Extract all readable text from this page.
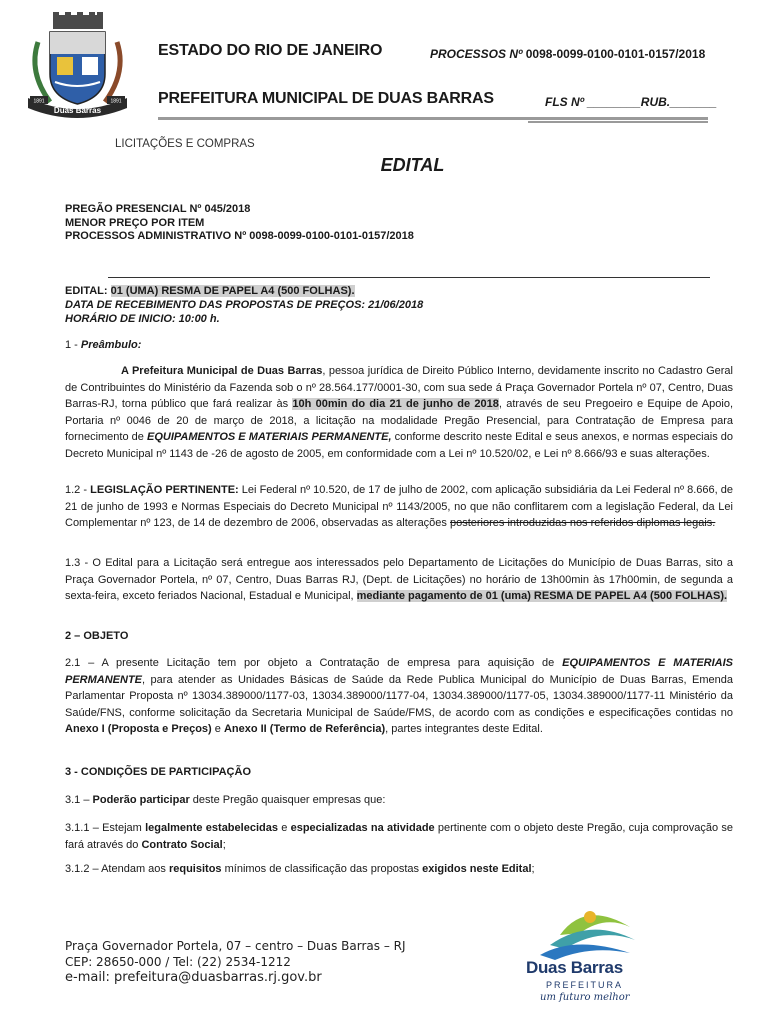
Duas Barras
1891	1891
ESTADO DO RIO DE JANEIRO	PROCESSOS Nº 0098-0099-0100-0101-0157/2018
PREFEITURA MUNICIPAL DE DUAS BARRAS	FLS Nº ________RUB._______
LICITAÇÕES E COMPRAS
EDITAL
PREGÃO PRESENCIAL Nº 045/2018
MENOR PREÇO POR ITEM
PROCESSOS ADMINISTRATIVO Nº 0098-0099-0100-0101-0157/2018
EDITAL: 01 (UMA) RESMA DE PAPEL A4 (500 FOLHAS).
DATA DE RECEBIMENTO DAS PROPOSTAS DE PREÇOS: 21/06/2018
HORÁRIO DE INICIO: 10:00 h.
1 - Preâmbulo:
A Prefeitura Municipal de Duas Barras, pessoa jurídica de Direito Público Interno, devidamente inscrito no Cadastro Geral de Contribuintes do Ministério da Fazenda sob o nº 28.564.177/0001-30, com sua sede á Praça Governador Portela nº 07, Centro, Duas Barras-RJ, torna público que fará realizar às 10h 00min do dia 21 de junho de 2018, através de seu Pregoeiro e Equipe de Apoio, Portaria nº 0046 de 20 de março de 2018, a licitação na modalidade Pregão Presencial, para Contratação de Empresa para fornecimento de EQUIPAMENTOS E MATERIAIS PERMANENTE, conforme descrito neste Edital e seus anexos, e normas especiais do Decreto Municipal nº 1143 de -26 de agosto de 2005, em conformidade com a Lei nº 10.520/02, e Lei nº 8.666/93 e suas alterações.
1.2 - LEGISLAÇÃO PERTINENTE: Lei Federal nº 10.520, de 17 de julho de 2002, com aplicação subsidiária da Lei Federal nº 8.666, de 21 de junho de 1993 e Normas Especiais do Decreto Municipal nº 1143/2005, no que não conflitarem com a legislação Federal, da Lei Complementar nº 123, de 14 de dezembro de 2006, observadas as alterações posteriores introduzidas nos referidos diplomas legais.
1.3 - O Edital para a Licitação será entregue aos interessados pelo Departamento de Licitações do Município de Duas Barras, sito a Praça Governador Portela, nº 07, Centro, Duas Barras RJ, (Dept. de Licitações) no horário de 13h00min às 17h00min, de segunda a sexta-feira, exceto feriados Nacional, Estadual e Municipal, mediante pagamento de 01 (uma) RESMA DE PAPEL A4 (500 FOLHAS).
2 – OBJETO
2.1 – A presente Licitação tem por objeto a Contratação de empresa para aquisição de EQUIPAMENTOS E MATERIAIS PERMANENTE, para atender as Unidades Básicas de Saúde da Rede Publica Municipal do Município de Duas Barras, Emenda Parlamentar Proposta nº 13034.389000/1177-03, 13034.389000/1177-04, 13034.389000/1177-05, 13034.389000/1177-11 Ministério da Saúde/FNS, conforme solicitação da Secretaria Municipal de Saúde/FMS, de acordo com as condições e especificações contidas no Anexo I (Proposta e Preços) e Anexo II (Termo de Referência), partes integrantes deste Edital.
3 - CONDIÇÕES DE PARTICIPAÇÃO
3.1 – Poderão participar deste Pregão quaisquer empresas que:
3.1.1 – Estejam legalmente estabelecidas e especializadas na atividade pertinente com o objeto deste Pregão, cuja comprovação se fará através do Contrato Social;
3.1.2 – Atendam aos requisitos mínimos de classificação das propostas exigidos neste Edital;
Praça Governador Portela, 07 – centro – Duas Barras – RJ
CEP: 28650-000 / Tel: (22) 2534-1212
e-mail: prefeitura@duasbarras.rj.gov.br
Duas Barras
PREFEITURA
um futuro melhor
